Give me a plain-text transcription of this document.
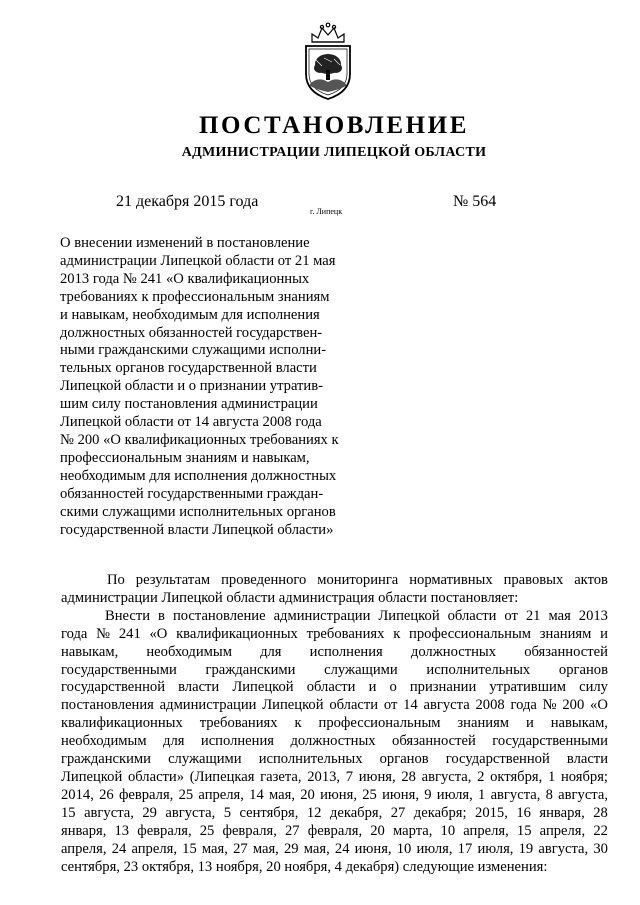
ПОСТАНОВЛЕНИЕ
АДМИНИСТРАЦИИ ЛИПЕЦКОЙ ОБЛАСТИ
21 декабря 2015 года
г. Липецк
№ 564
О внесении изменений в постановление
администрации Липецкой области от 21 мая
2013 года № 241 «О квалификационных
требованиях к профессиональным знаниям
и навыкам, необходимым для исполнения
должностных обязанностей государствен-
ными гражданскими служащими исполни-
тельных органов государственной власти
Липецкой области и о признании утратив-
шим силу постановления администрации
Липецкой области от 14 августа 2008 года
№ 200 «О квалификационных требованиях к
профессиональным знаниям и навыкам,
необходимым для исполнения должностных
обязанностей государственными граждан-
скими служащими исполнительных органов
государственной власти Липецкой области»
По результатам проведенного мониторинга нормативных правовых актов
администрации Липецкой области администрация области постановляет:
Внести в постановление администрации Липецкой области от 21 мая 2013
года № 241 «О квалификационных требованиях к профессиональным знаниям и
навыкам, необходимым для исполнения должностных обязанностей
государственными гражданскими служащими исполнительных органов
государственной власти Липецкой области и о признании утратившим силу
постановления администрации Липецкой области от 14 августа 2008 года № 200 «О
квалификационных требованиях к профессиональным знаниям и навыкам,
необходимым для исполнения должностных обязанностей государственными
гражданскими служащими исполнительных органов государственной власти
Липецкой области» (Липецкая газета, 2013, 7 июня, 28 августа, 2 октября, 1 ноября;
2014, 26 февраля, 25 апреля, 14 мая, 20 июня, 25 июня, 9 июля, 1 августа, 8 августа,
15 августа, 29 августа, 5 сентября, 12 декабря, 27 декабря; 2015, 16 января, 28
января, 13 февраля, 25 февраля, 27 февраля, 20 марта, 10 апреля, 15 апреля, 22
апреля, 24 апреля, 15 мая, 27 мая, 29 мая, 24 июня, 10 июля, 17 июля, 19 августа, 30
сентября, 23 октября, 13 ноября, 20 ноября, 4 декабря) следующие изменения:
